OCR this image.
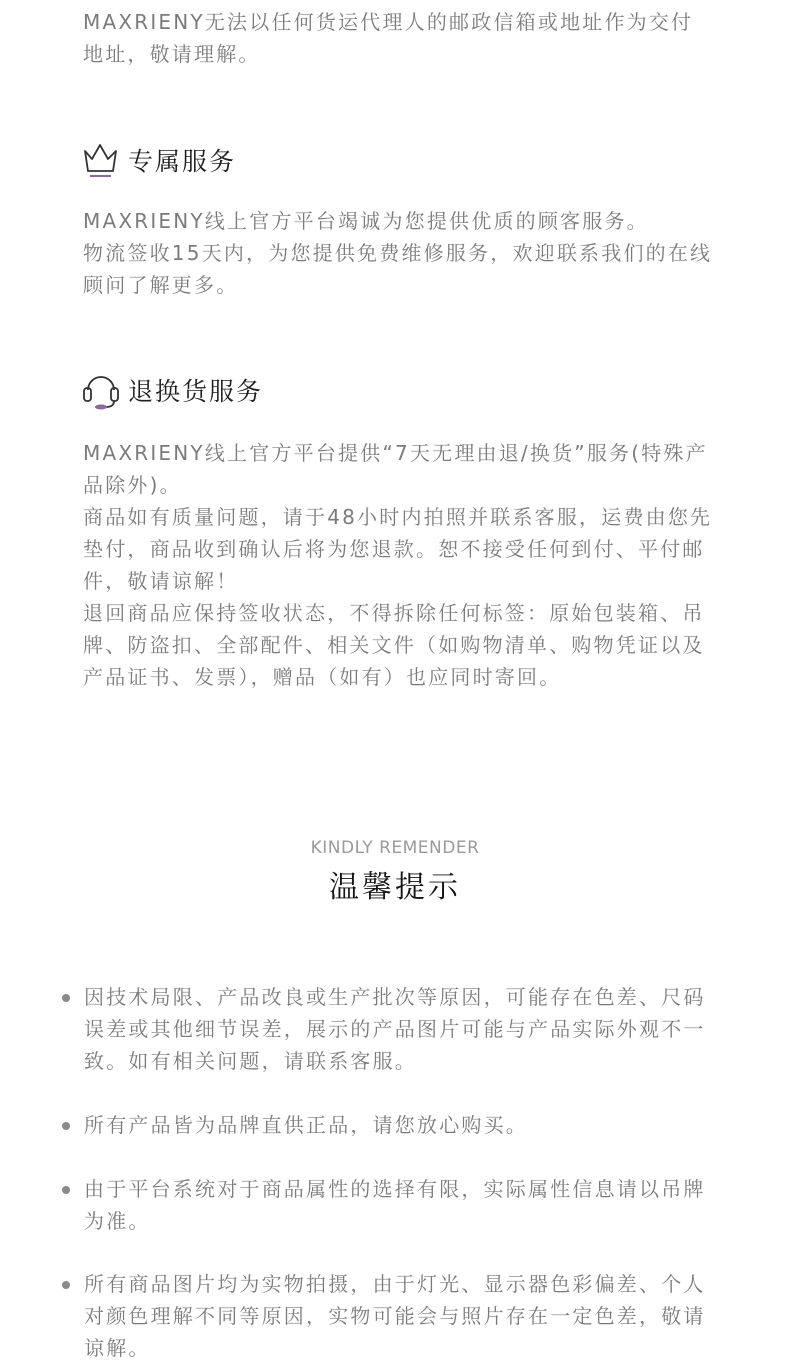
MAXRIENY无法以任何货运代理人的邮政信箱或地址作为交付地址，敬请理解。

专属服务

MAXRIENY线上官方平台竭诚为您提供优质的顾客服务。

物流签收15天内，为您提供免费维修服务，欢迎联系我们的在线顾问了解更多。

退换货服务

MAXRIENY线上官方平台提供“7天无理由退/换货”服务(特殊产品除外)。

商品如有质量问题，请于48小时内拍照并联系客服，运费由您先垫付，商品收到确认后将为您退款。恕不接受任何到付、平付邮件，敬请谅解！

退回商品应保持签收状态，不得拆除任何标签：原始包装箱、吊牌、防盗扣、全部配件、相关文件（如购物清单、购物凭证以及产品证书、发票），赠品（如有）也应同时寄回。

KINDLY REMENDER
温馨提示
因技术局限、产品改良或生产批次等原因，可能存在色差、尺码误差或其他细节误差，展示的产品图片可能与产品实际外观不一致。如有相关问题，请联系客服。
所有产品皆为品牌直供正品，请您放心购买。
由于平台系统对于商品属性的选择有限，实际属性信息请以吊牌为准。
所有商品图片均为实物拍摄，由于灯光、显示器色彩偏差、个人对颜色理解不同等原因，实物可能会与照片存在一定色差，敬请谅解。
